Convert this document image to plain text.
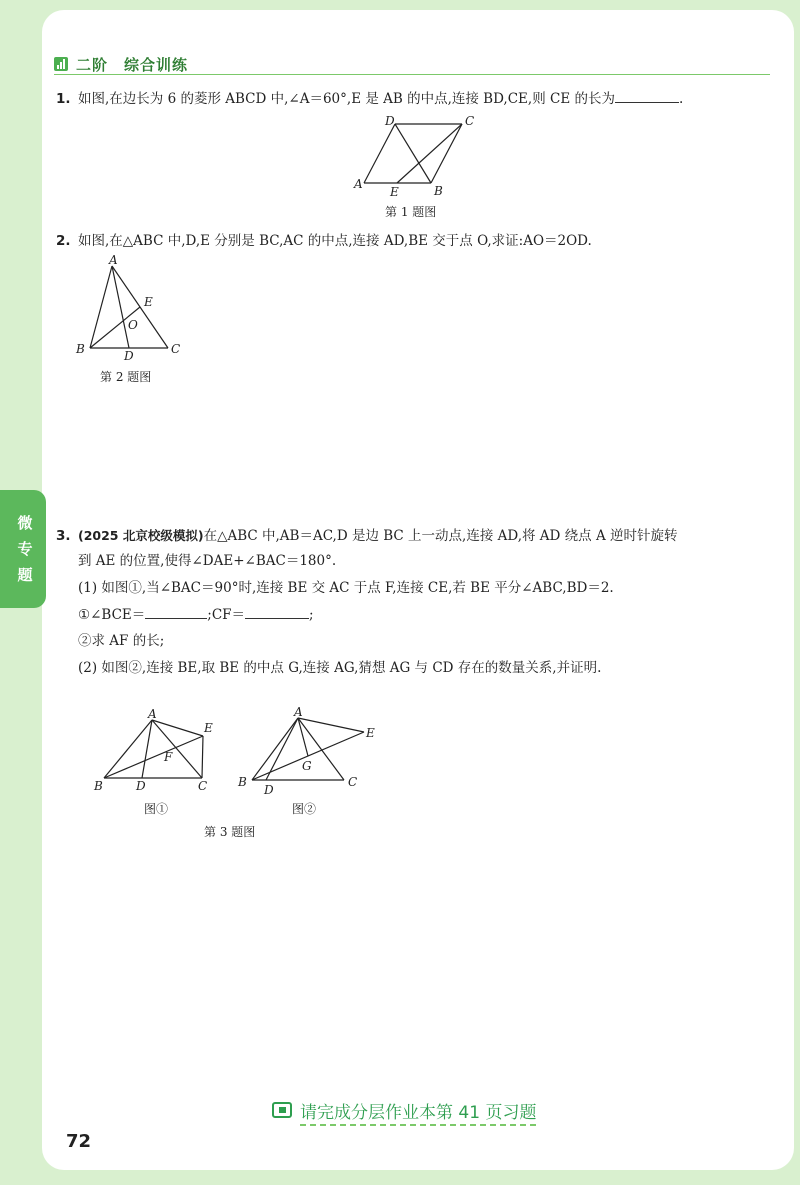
二阶　综合训练
微专题
1. 如图,在边长为 6 的菱形 ABCD 中,∠A＝60°,E 是 AB 的中点,连接 BD,CE,则 CE 的长为	.
A	B
C
D
E
第 1 题图
2. 如图,在△ABC 中,D,E 分别是 BC,AC 的中点,连接 AD,BE 交于点 O,求证:AO＝2OD.
A
B	C
D
E
O
第 2 题图
3. (2025 北京校级模拟)在△ABC 中,AB＝AC,D 是边 BC 上一动点,连接 AD,将 AD 绕点 A 逆时针旋转
到 AE 的位置,使得∠DAE+∠BAC＝180°.
(1) 如图①,当∠BAC＝90°时,连接 BE 交 AC 于点 F,连接 CE,若 BE 平分∠ABC,BD＝2.
①∠BCE＝	;CF＝	;
②求 AF 的长;
(2) 如图②,连接 BE,取 BE 的中点 G,连接 AG,猜想 AG 与 CD 存在的数量关系,并证明.
A
B	C
D
E
F
图①
A
B	C
D
E
G
图②
第 3 题图
请完成分层作业本第 41 页习题
72
